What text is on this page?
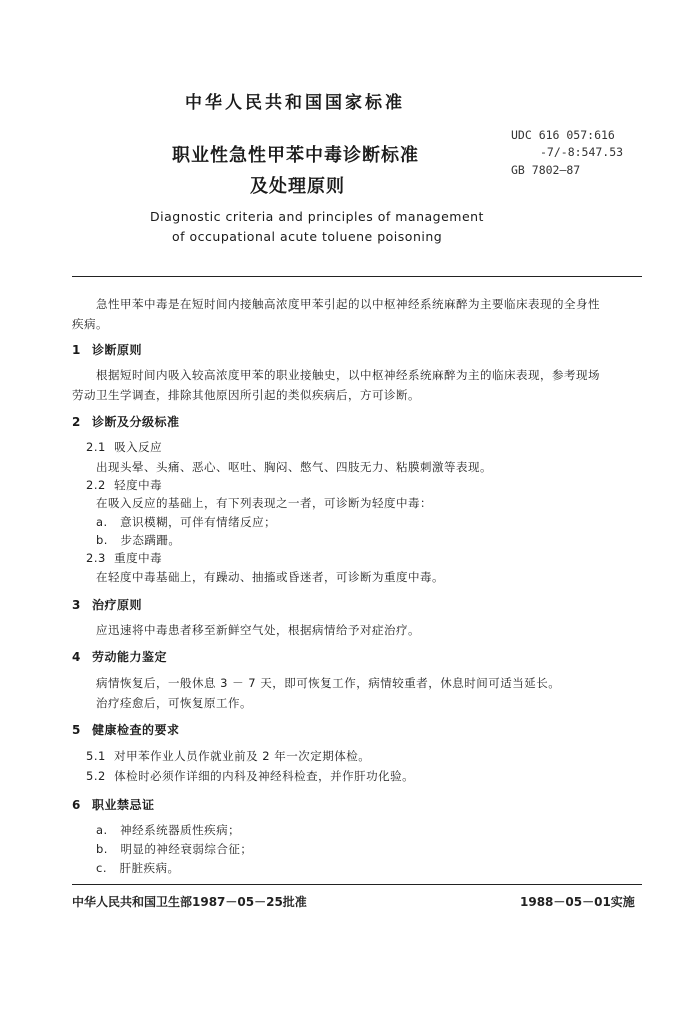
中华人民共和国国家标准
职业性急性甲苯中毒诊断标准
及处理原则
UDC 616 057:616
-7/-8:547.53
GB 7802—87
Diagnostic criteria and principles of management
of occupational acute toluene poisoning
急性甲苯中毒是在短时间内接触高浓度甲苯引起的以中枢神经系统麻醉为主要临床表现的全身性
疾病。
1 诊断原则
根据短时间内吸入较高浓度甲苯的职业接触史，以中枢神经系统麻醉为主的临床表现，参考现场
劳动卫生学调查，排除其他原因所引起的类似疾病后，方可诊断。
2 诊断及分级标准
2.1 吸入反应
出现头晕、头痛、恶心、呕吐、胸闷、憋气、四肢无力、粘膜刺激等表现。
2.2 轻度中毒
在吸入反应的基础上，有下列表现之一者，可诊断为轻度中毒：
a. 意识模糊，可伴有情绪反应；
b. 步态蹒跚。
2.3 重度中毒
在轻度中毒基础上，有躁动、抽搐或昏迷者，可诊断为重度中毒。
3 治疗原则
应迅速将中毒患者移至新鲜空气处，根据病情给予对症治疗。
4 劳动能力鉴定
病情恢复后，一般休息 3 － 7 天，即可恢复工作，病情较重者，休息时间可适当延长。
治疗痊愈后，可恢复原工作。
5 健康检查的要求
5.1 对甲苯作业人员作就业前及 2 年一次定期体检。
5.2 体检时必须作详细的内科及神经科检查，并作肝功化验。
6 职业禁忌证
a. 神经系统器质性疾病；
b. 明显的神经衰弱综合征；
c. 肝脏疾病。
中华人民共和国卫生部1987－05－25批准	1988－05－01实施
